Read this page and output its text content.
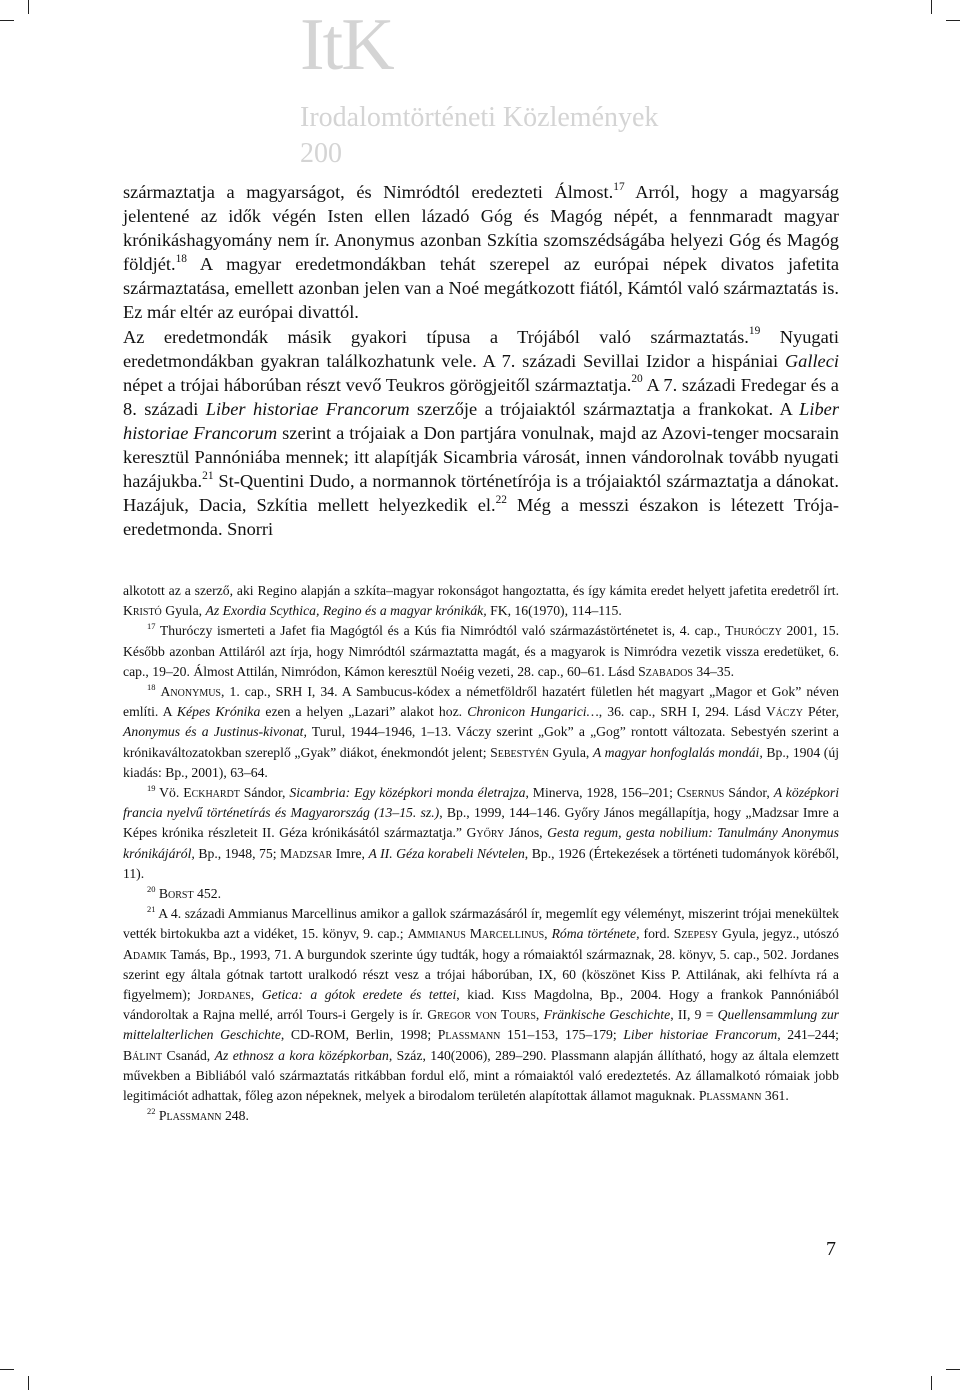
ItK
Irodalomtörténeti Közlemények
200

származtatja a magyarságot, és Nimródtól eredezteti Álmost.$^{17}$ Arról, hogy a magyarság jelentené az idők végén Isten ellen lázadó Góg és Magóg népét, a fennmaradt magyar krónikáshagyomány nem ír. Anonymus azonban Szkítia szomszédságába helyezi Góg és Magóg földjét.$^{18}$ A magyar eredetmondákban tehát szerepel az európai népek divatos jafetita származtatása, emellett azonban jelen van a Noé megátkozott fiától, Kámtól való származtatás is. Ez már eltér az európai divattól.

Az eredetmondák másik gyakori típusa a Trójából való származtatás.$^{19}$ Nyugati eredetmondákban gyakran találkozhatunk vele. A 7. századi Sevillai Izidor a hispániai Galleci népet a trójai háborúban részt vevő Teukros görögjeitől származtatja.$^{20}$ A 7. századi Fredegar és a 8. századi Liber historiae Francorum szerzője a trójaiaktól származtatja a frankokat. A Liber historiae Francorum szerint a trójaiak a Don partjára vonulnak, majd az Azovi-tenger mocsarain keresztül Pannóniába mennek; itt alapítják Sicambria városát, innen vándorolnak tovább nyugati hazájukba.$^{21}$ St-Quentini Dudo, a normannok történetírója is a trójaiaktól származtatja a dánokat. Hazájuk, Dacia, Szkítia mellett helyezkedik el.$^{22}$ Még a messzi északon is létezett Trója-eredetmonda. Snorri

alkotott az a szerző, aki Regino alapján a szkíta–magyar rokonságot hangoztatta, és így kámita eredet helyett jafetita eredetről írt. Kristó Gyula, Az Exordia Scythica, Regino és a magyar krónikák, FK, 16(1970), 114–115.

$^{17}$ Thuróczy ismerteti a Jafet fia Magógtól és a Kús fia Nimródtól való származástörténetet is, 4. cap., Thuróczy 2001, 15. Később azonban Attiláról azt írja, hogy Nimródtól származtatta magát, és a magyarok is Nimródra vezetik vissza eredetüket, 6. cap., 19–20. Álmost Attilán, Nimródon, Kámon keresztül Noéig vezeti, 28. cap., 60–61. Lásd Szabados 34–35.

$^{18}$ Anonymus, 1. cap., SRH I, 34. A Sambucus-kódex a németföldről hazatért fületlen hét magyart „Magor et Gok” néven említi. A Képes Krónika ezen a helyen „Lazari” alakot hoz. Chronicon Hungarici…, 36. cap., SRH I, 294. Lásd Váczy Péter, Anonymus és a Justinus-kivonat, Turul, 1944–1946, 1–13. Váczy szerint „Gok” a „Gog” rontott változata. Sebestyén szerint a krónikaváltozatokban szereplő „Gyak” diákot, énekmondót jelent; Sebestyén Gyula, A magyar honfoglalás mondái, Bp., 1904 (új kiadás: Bp., 2001), 63–64.

$^{19}$ Vö. Eckhardt Sándor, Sicambria: Egy középkori monda életrajza, Minerva, 1928, 156–201; Csernus Sándor, A középkori francia nyelvű történetírás és Magyarország (13–15. sz.), Bp., 1999, 144–146. Győry János megállapítja, hogy „Madzsar Imre a Képes krónika részleteit II. Géza krónikásától származtatja.” Győry János, Gesta regum, gesta nobilium: Tanulmány Anonymus krónikájáról, Bp., 1948, 75; Madzsar Imre, A II. Géza korabeli Névtelen, Bp., 1926 (Értekezések a történeti tudományok köréből, 11).

$^{20}$ Borst 452.

$^{21}$ A 4. századi Ammianus Marcellinus amikor a gallok származásáról ír, megemlít egy véleményt, miszerint trójai menekültek vették birtokukba azt a vidéket, 15. könyv, 9. cap.; Ammianus Marcellinus, Róma története, ford. Szepesy Gyula, jegyz., utószó Adamik Tamás, Bp., 1993, 71. A burgundok szerinte úgy tudták, hogy a rómaiaktól származnak, 28. könyv, 5. cap., 502. Jordanes szerint egy általa gótnak tartott uralkodó részt vesz a trójai háborúban, IX, 60 (köszönet Kiss P. Attilának, aki felhívta rá a figyelmem); Jordanes, Getica: a gótok eredete és tettei, kiad. Kiss Magdolna, Bp., 2004. Hogy a frankok Pannóniából vándoroltak a Rajna mellé, arról Tours-i Gergely is ír. Gregor von Tours, Fränkische Geschichte, II, 9 = Quellensammlung zur mittelalterlichen Geschichte, CD-ROM, Berlin, 1998; Plassmann 151–153, 175–179; Liber historiae Francorum, 241–244; Bálint Csanád, Az ethnosz a kora középkorban, Száz, 140(2006), 289–290. Plassmann alapján állítható, hogy az általa elemzett művekben a Bibliából való származtatás ritkábban fordul elő, mint a rómaiaktól való eredeztetés. Az államalkotó rómaiak jobb legitimációt adhattak, főleg azon népeknek, melyek a birodalom területén alapítottak államot maguknak. Plassmann 361.

$^{22}$ Plassmann 248.

7
